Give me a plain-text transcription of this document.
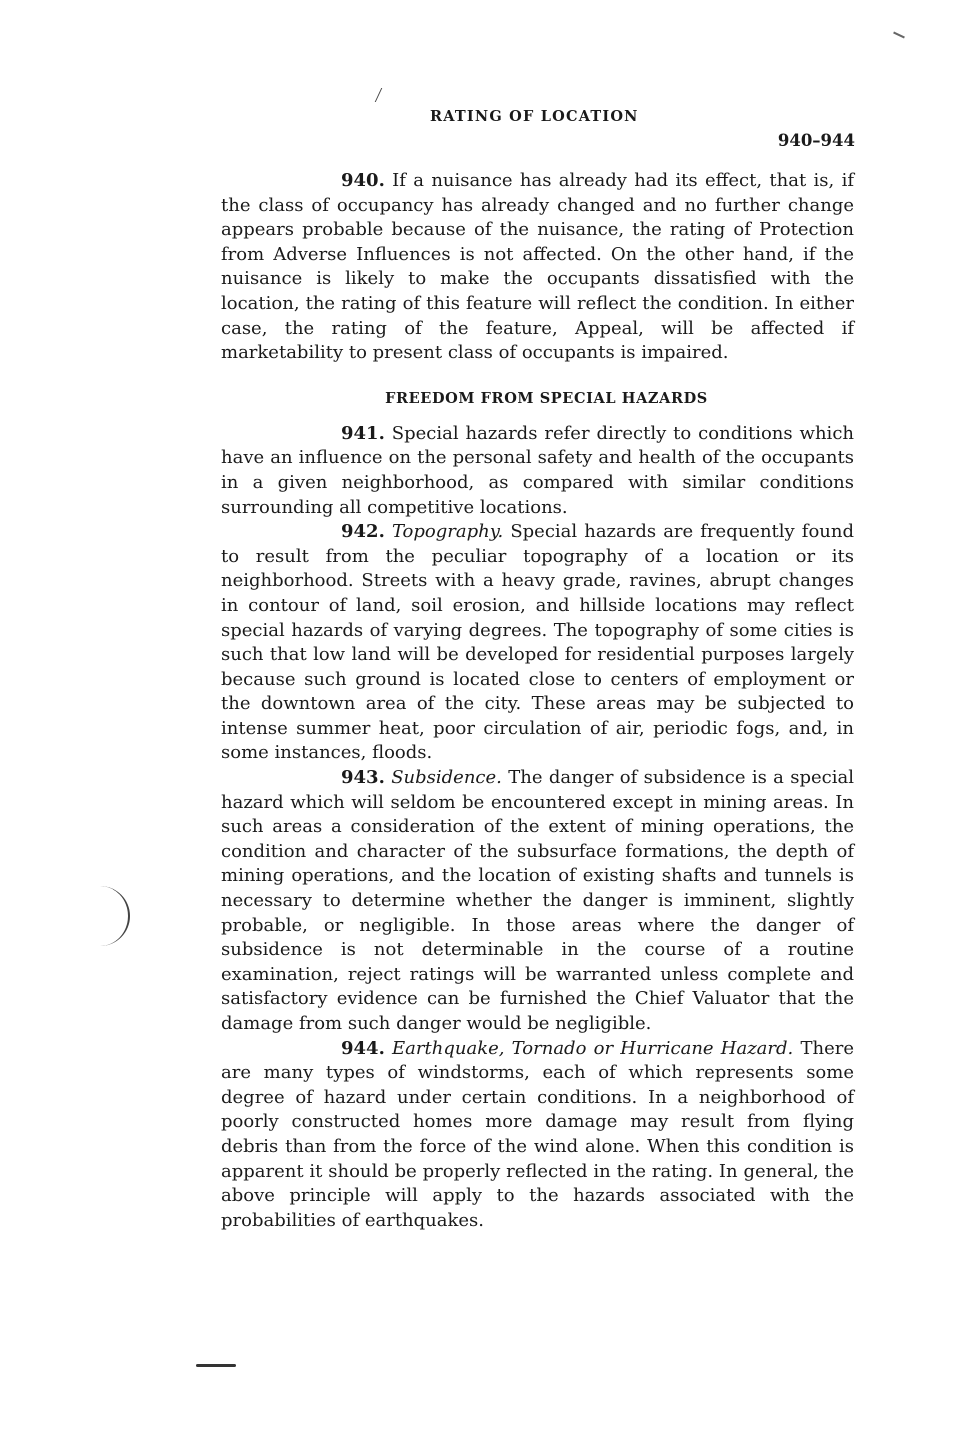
RATING OF LOCATION

940–944

940. If a nuisance has already had its effect, that is, if the class of occupancy has already changed and no further change appears probable because of the nuisance, the rating of Protection from Adverse Influences is not affected. On the other hand, if the nuisance is likely to make the occupants dissatisfied with the location, the rating of this feature will reflect the condition. In either case, the rating of the feature, Appeal, will be affected if marketability to present class of occupants is impaired.

FREEDOM FROM SPECIAL HAZARDS

941. Special hazards refer directly to conditions which have an influence on the personal safety and health of the occupants in a given neighborhood, as compared with similar conditions surrounding all competitive locations.

942. Topography. Special hazards are frequently found to result from the peculiar topography of a location or its neighborhood. Streets with a heavy grade, ravines, abrupt changes in contour of land, soil erosion, and hillside locations may reflect special hazards of varying degrees. The topography of some cities is such that low land will be developed for residential purposes largely because such ground is located close to centers of employment or the downtown area of the city. These areas may be subjected to intense summer heat, poor circulation of air, periodic fogs, and, in some instances, floods.

943. Subsidence. The danger of subsidence is a special hazard which will seldom be encountered except in mining areas. In such areas a consideration of the extent of mining operations, the condition and character of the subsurface formations, the depth of mining operations, and the location of existing shafts and tunnels is necessary to determine whether the danger is imminent, slightly probable, or negligible. In those areas where the danger of subsidence is not determinable in the course of a routine examination, reject ratings will be warranted unless complete and satisfactory evidence can be furnished the Chief Valuator that the damage from such danger would be negligible.

944. Earthquake, Tornado or Hurricane Hazard. There are many types of windstorms, each of which represents some degree of hazard under certain conditions. In a neighborhood of poorly constructed homes more damage may result from flying debris than from the force of the wind alone. When this condition is apparent it should be properly reflected in the rating. In general, the above principle will apply to the hazards associated with the probabilities of earthquakes.
